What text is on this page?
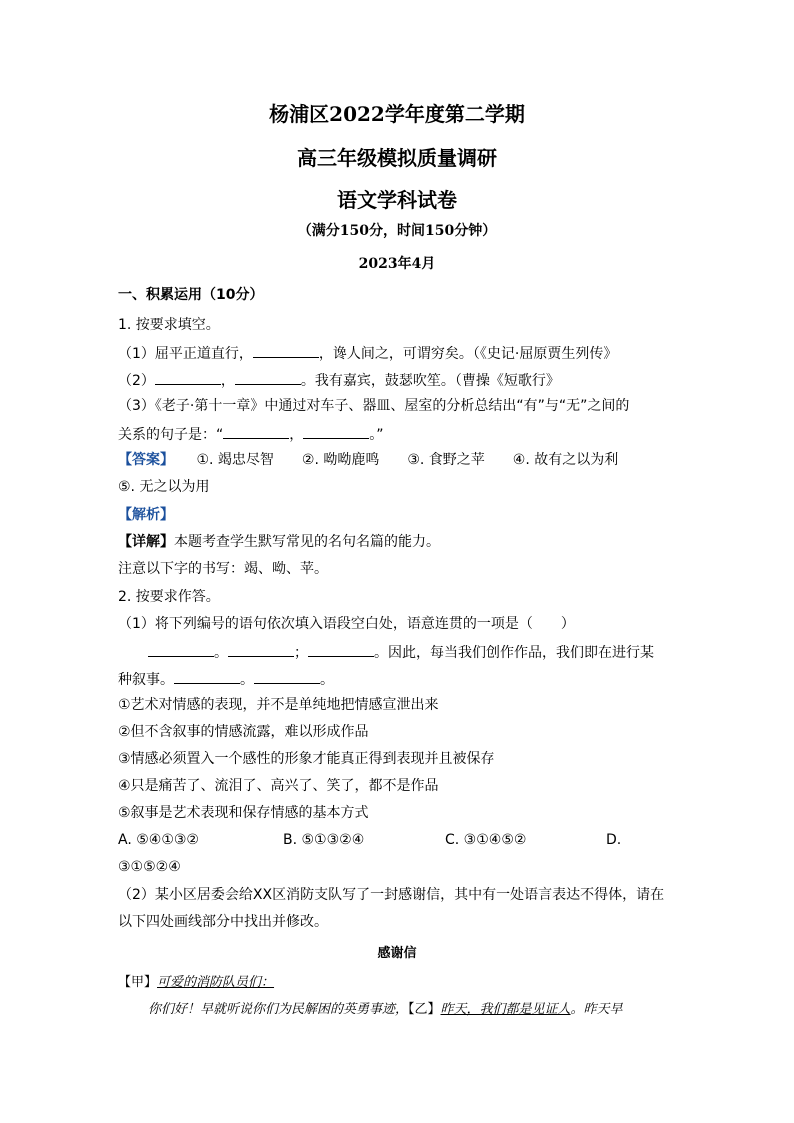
杨浦区2022学年度第二学期
高三年级模拟质量调研
语文学科试卷
（满分150分，时间150分钟）
2023年4月
一、积累运用（10分）
1. 按要求填空。
（1）屈平正道直行，	，谗人间之，可谓穷矣。（《史记·屈原贾生列传》
（2）	，	。我有嘉宾，鼓瑟吹笙。（曹操《短歌行》
（3）《老子·第十一章》中通过对车子、器皿、屋室的分析总结出“有”与“无”之间的
关系的句子是：“	，	。”
【答案】 ①. 竭忠尽智　　②. 呦呦鹿鸣　　③. 食野之苹　　④. 故有之以为利
⑤. 无之以为用
【解析】
【详解】本题考查学生默写常见的名句名篇的能力。
注意以下字的书写：竭、呦、苹。
2. 按要求作答。
（1）将下列编号的语句依次填入语段空白处，语意连贯的一项是（　　）
。	；	。因此，每当我们创作作品，我们即在进行某
种叙事。	。	。
①艺术对情感的表现，并不是单纯地把情感宣泄出来
②但不含叙事的情感流露，难以形成作品
③情感必须置入一个感性的形象才能真正得到表现并且被保存
④只是痛苦了、流泪了、高兴了、笑了，都不是作品
⑤叙事是艺术表现和保存情感的基本方式
A. ⑤④①③②	B. ⑤①③②④	C. ③①④⑤②	D.
③①⑤②④
（2）某小区居委会给XX区消防支队写了一封感谢信，其中有一处语言表达不得体，请在
以下四处画线部分中找出并修改。
感谢信
【甲】可爱的消防队员们：
你们好！早就听说你们为民解困的英勇事迹，【乙】昨天，我们都是见证人。昨天早
